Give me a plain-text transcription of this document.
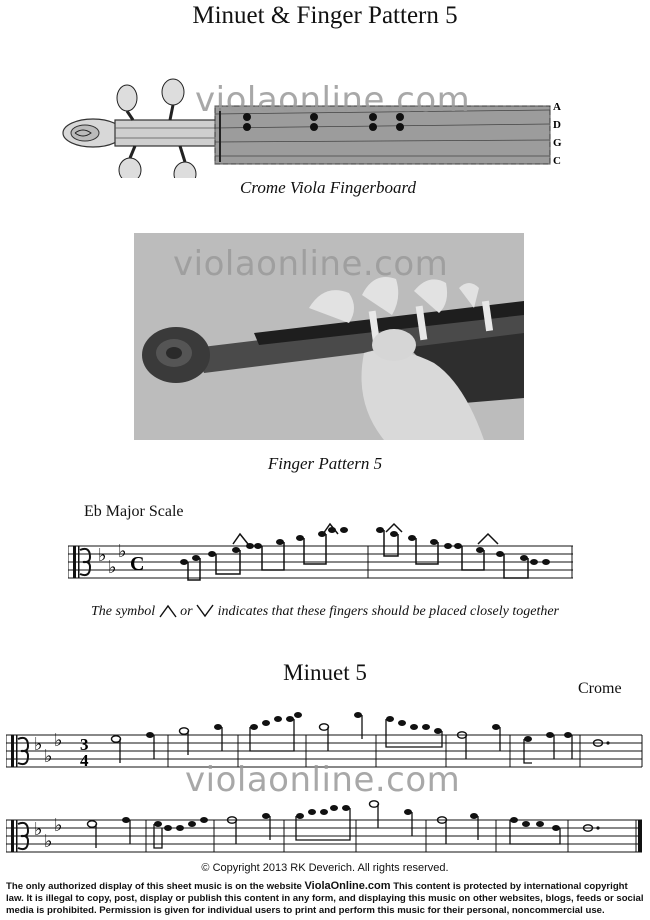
Minuet & Finger Pattern 5
A
D
G
C
violaonline.com
Crome Viola Fingerboard
violaonline.com
Finger Pattern 5
Eb Major Scale
♭
♭
♭
C
The symbol or indicates that these fingers should be placed closely together
Minuet 5
Crome
♭
♭
♭ 3
4	violaonline.com
♭
♭
♭
© Copyright 2013 RK Deverich. All rights reserved.
The only authorized display of this sheet music is on the website ViolaOnline.com This content is protected by international copyright law. It is illegal to copy, post, display or publish this content in any form, and displaying this music on other websites, blogs, feeds or social media is prohibited. Permission is given for individual users to print and perform this music for their personal, noncommercial use.
